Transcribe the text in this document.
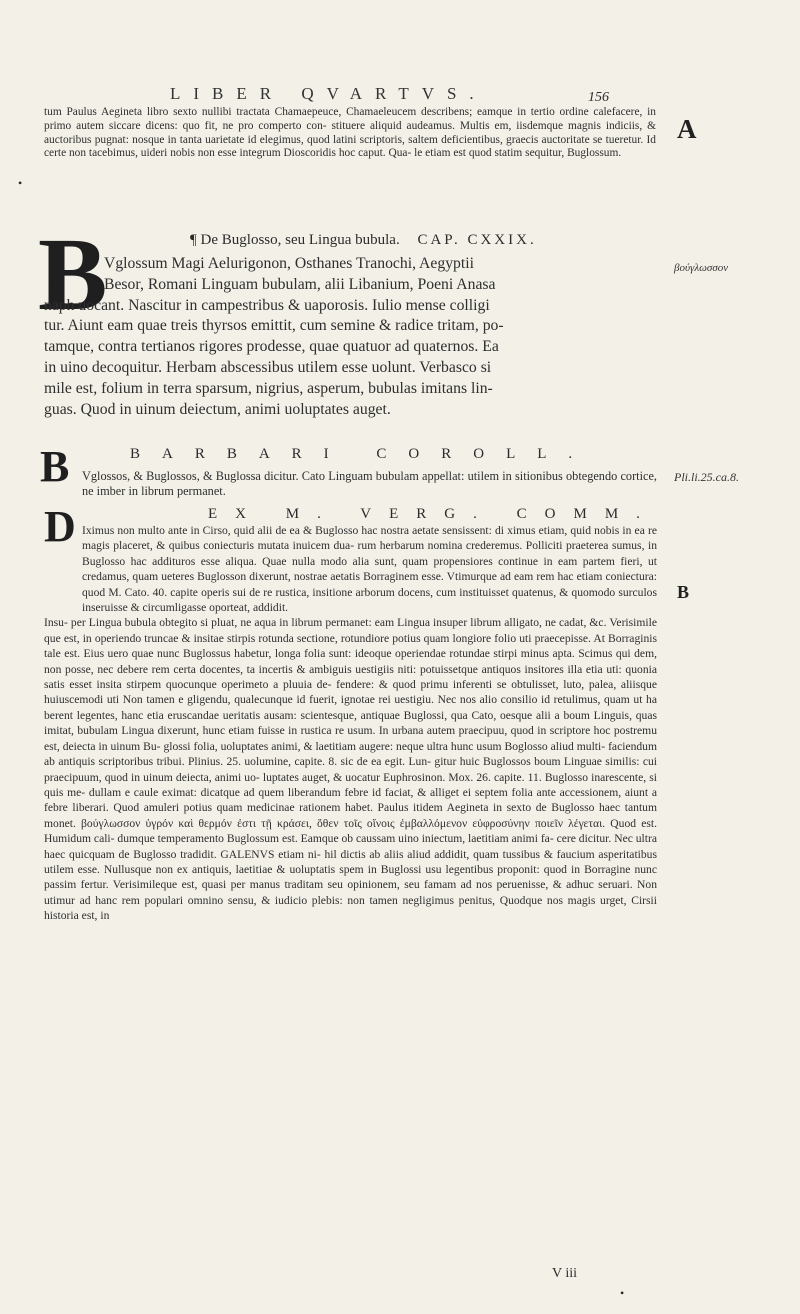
LIBER QVARTVS.	156

tum Paulus Aegineta libro sexto nullibi tractata Chamaepeuce, Chamaeleucem describens; eamque in tertio ordine calefacere, in primo autem siccare dicens: quo fit, ne pro comperto con- stituere aliquid audeamus. Multis em, iisdemque magnis indiciis, & auctoribus pugnat: nosque in tanta uarietate id elegimus, quod latini scriptoris, saltem deficientibus, graecis auctoritate se tueretur. Id certe non tacebimus, uideri nobis non esse integrum Dioscoridis hoc caput. Qua- le etiam est quod statim sequitur, Buglossum.

•
B	¶ De Buglosso, seu Lingua bubula. CAP. CXXIX.
Vglossum Magi Aelurigonon, Osthanes Tranochi, Aegyptii
Besor, Romani Linguam bubulam, alii Libanium, Poeni Anasa
naph uocant. Nascitur in campestribus & uaporosis. Iulio mense colligi
tur. Aiunt eam quae treis thyrsos emittit, cum semine & radice tritam, po-
tamque, contra tertianos rigores prodesse, quae quatuor ad quaternos. Ea
in uino decoquitur. Herbam abscessibus utilem esse uolunt. Verbasco si
mile est, folium in terra sparsum, nigrius, asperum, bubulas imitans lin-
guas. Quod in uinum deiectum, animi uoluptates auget.
B	BARBARI COROLL.

Vglossos, & Buglossos, & Buglossa dicitur. Cato Linguam bubulam appellat: utilem in sitionibus obtegendo cortice, ne imber in librum permanet.

D	EX M. VERG. COMM.

Iximus non multo ante in Cirso, quid alii de ea & Buglosso hac nostra aetate sensissent: di ximus etiam, quid nobis in ea re magis placeret, & quibus coniecturis mutata inuicem dua- rum herbarum nomina crederemus. Polliciti praeterea sumus, in Buglosso hac addituros esse aliqua. Quae nulla modo alia sunt, quam propensiores continue in eam partem fieri, ut credamus, quam ueteres Buglosson dixerunt, nostrae aetatis Borraginem esse. Vtimurque ad eam rem hac etiam coniectura: quod M. Cato. 40. capite operis sui de re rustica, insitione arborum docens, cum instituisset quatenus, & quomodo surculos inseruisse & circumligasse oporteat, addidit.

Insu- per Lingua bubula obtegito si pluat, ne aqua in librum permanet: eam Lingua insuper librum alligato, ne cadat, &c. Verisimile que est, in operiendo truncae & insitae stirpis rotunda sectione, rotundiore potius quam longiore folio uti praecepisse. At Borraginis tale est. Eius uero quae nunc Buglossus habetur, longa folia sunt: ideoque operiendae rotundae stirpi minus apta. Scimus qui dem, non posse, nec debere rem certa docentes, ta incertis & ambiguis uestigiis niti: potuissetque antiquos insitores illa etia uti: quonia satis esset insita stirpem quocunque operimeto a pluuia de- fendere: & quod primu inferenti se obtulisset, luto, palea, aliisque huiuscemodi uti Non tamen e gligendu, qualecunque id fuerit, ignotae rei uestigiu. Nec nos alio consilio id retulimus, quam ut ha berent legentes, hanc etia eruscandae ueritatis ausam: scientesque, antiquae Buglossi, qua Cato, oesque alii a boum Linguis, quas imitat, bubulam Lingua dixerunt, hunc etiam fuisse in rustica re usum. In urbana autem praecipuu, quod in scriptore hoc postremu est, deiecta in uinum Bu- glossi folia, uoluptates animi, & laetitiam augere: neque ultra hunc usum Boglosso aliud multi- faciendum ab antiquis scriptoribus tribui. Plinius. 25. uolumine, capite. 8. sic de ea egit. Lun- gitur huic Buglossos boum Linguae similis: cui praecipuum, quod in uinum deiecta, animi uo- luptates auget, & uocatur Euphrosinon. Mox. 26. capite. 11. Buglosso inarescente, si quis me- dullam e caule eximat: dicatque ad quem liberandum febre id faciat, & alliget ei septem folia ante accessionem, aiunt a febre liberari. Quod amuleri potius quam medicinae rationem habet. Paulus itidem Aegineta in sexto de Buglosso haec tantum monet. βούγλωσσον ὑγρόν καὶ θερμόν ἐστι τῇ κράσει, ὅθεν τοῖς οἴνοις ἐμβαλλόμενον εὐφροσύνην ποιεῖν λέγεται. Quod est. Humidum cali- dumque temperamento Buglossum est. Eamque ob caussam uino iniectum, laetitiam animi fa- cere dicitur. Nec ultra haec quicquam de Buglosso tradidit. GALENVS etiam ni- hil dictis ab aliis aliud addidit, quam tussibus & faucium asperitatibus utilem esse. Nullusque non ex antiquis, laetitiae & uoluptatis spem in Buglossi usu legentibus proponit: quod in Borragine nunc passim fertur. Verisimileque est, quasi per manus traditam seu opinionem, seu famam ad nos peruenisse, & adhuc seruari. Non utimur ad hanc rem populari omnino sensu, & iudicio plebis: non tamen negligimus penitus, Quodque nos magis urget, Cirsii historia est, in

V iii
•
A
βούγλωσσον
Pli.li.25.ca.8.
B
